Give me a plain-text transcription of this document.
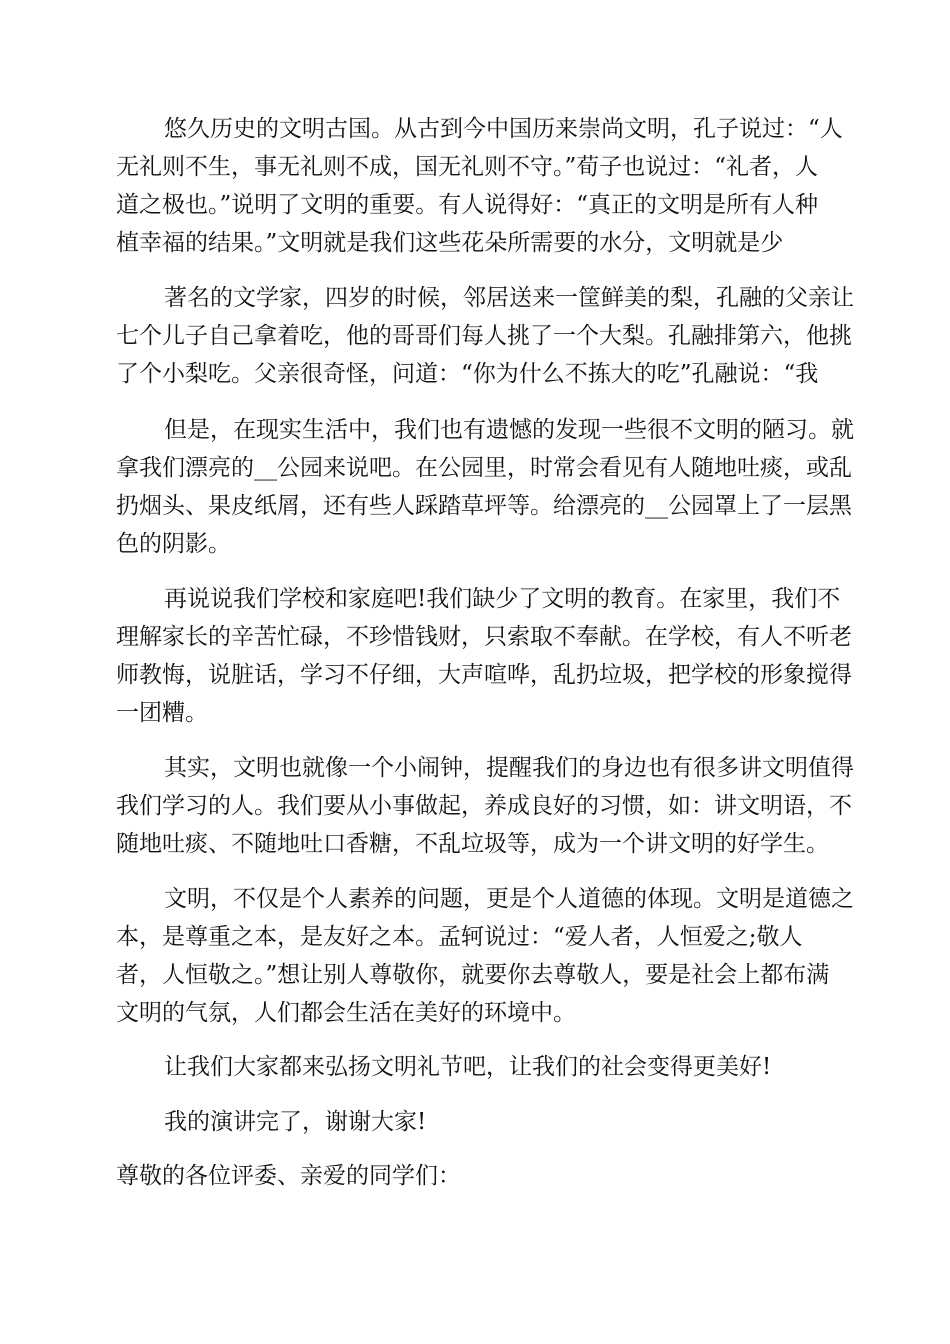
悠久历史的文明古国。从古到今中国历来崇尚文明，孔子说过：“人
无礼则不生，事无礼则不成，国无礼则不守。”荀子也说过：“礼者，人
道之极也。”说明了文明的重要。有人说得好：“真正的文明是所有人种
植幸福的结果。”文明就是我们这些花朵所需要的水分，文明就是少
著名的文学家，四岁的时候，邻居送来一筐鲜美的梨，孔融的父亲让
七个儿子自己拿着吃，他的哥哥们每人挑了一个大梨。孔融排第六，他挑
了个小梨吃。父亲很奇怪，问道：“你为什么不拣大的吃”孔融说：“我
但是，在现实生活中，我们也有遗憾的发现一些很不文明的陋习。就
拿我们漂亮的__公园来说吧。在公园里，时常会看见有人随地吐痰，或乱
扔烟头、果皮纸屑，还有些人踩踏草坪等。给漂亮的__公园罩上了一层黑
色的阴影。
再说说我们学校和家庭吧!我们缺少了文明的教育。在家里，我们不
理解家长的辛苦忙碌，不珍惜钱财，只索取不奉献。在学校，有人不听老
师教悔，说脏话，学习不仔细，大声喧哗，乱扔垃圾，把学校的形象搅得
一团糟。
其实，文明也就像一个小闹钟，提醒我们的身边也有很多讲文明值得
我们学习的人。我们要从小事做起，养成良好的习惯，如：讲文明语，不
随地吐痰、不随地吐口香糖，不乱垃圾等，成为一个讲文明的好学生。
文明，不仅是个人素养的问题，更是个人道德的体现。文明是道德之
本，是尊重之本，是友好之本。孟轲说过：“爱人者，人恒爱之;敬人
者，人恒敬之。”想让别人尊敬你，就要你去尊敬人，要是社会上都布满
文明的气氛，人们都会生活在美好的环境中。
让我们大家都来弘扬文明礼节吧，让我们的社会变得更美好!
我的演讲完了，谢谢大家!
尊敬的各位评委、亲爱的同学们：
